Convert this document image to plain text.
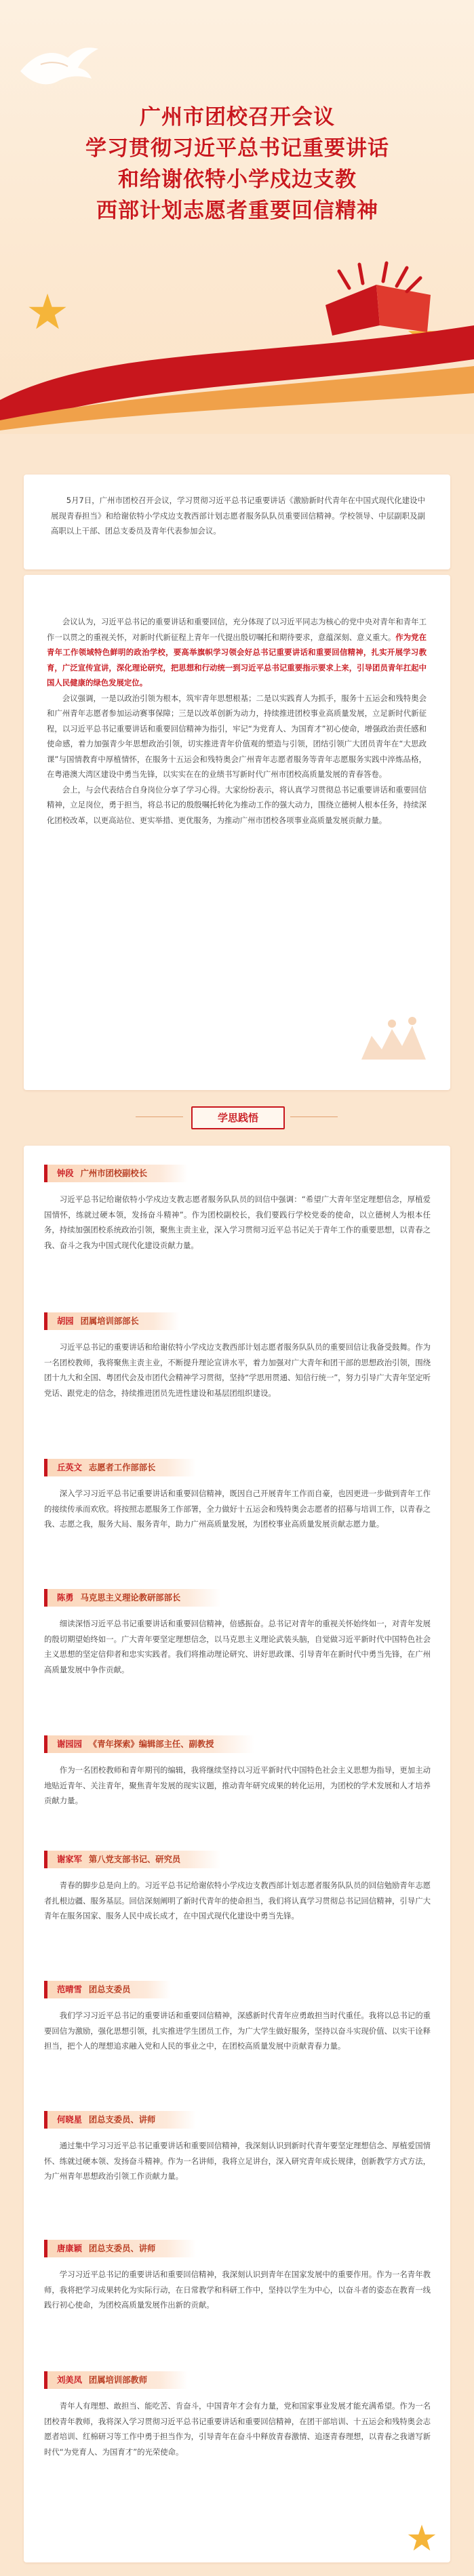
广州市团校召开会议
学习贯彻习近平总书记重要讲话
和给谢依特小学戍边支教
西部计划志愿者重要回信精神

5月7日，广州市团校召开会议，学习贯彻习近平总书记重要讲话《激励新时代青年在中国式现代化建设中展现青春担当》和给谢依特小学戍边支教西部计划志愿者服务队队员重要回信精神。学校领导、中层副职及副高职以上干部、团总支委员及青年代表参加会议。

会议认为，习近平总书记的重要讲话和重要回信，充分体现了以习近平同志为核心的党中央对青年和青年工作一以贯之的重视关怀，对新时代新征程上青年一代提出殷切嘱托和期待要求，意蕴深刻、意义重大。作为党在青年工作领域特色鲜明的政治学校，要高举旗帜学习领会好总书记重要讲话和重要回信精神，扎实开展学习教育，广泛宣传宣讲，深化理论研究，把思想和行动统一到习近平总书记重要指示要求上来，引导团员青年扛起中国人民健康的绿色发展定位。

会议强调，一是以政治引领为根本，筑牢青年思想根基；二是以实践育人为抓手，服务十五运会和残特奥会和广州青年志愿者参加运动赛事保障；三是以改革创新为动力，持续推进团校事业高质量发展，立足新时代新征程，以习近平总书记重要讲话和重要回信精神为指引，牢记“为党育人、为国育才”初心使命，增强政治责任感和使命感，着力加强青少年思想政治引领，切实推进青年价值观的塑造与引领，团结引领广大团员青年在“大思政课”与国情教育中厚植情怀，在服务十五运会和残特奥会广州青年志愿者服务等青年志愿服务实践中淬炼品格，在粤港澳大湾区建设中勇当先锋，以实实在在的业绩书写新时代广州市团校高质量发展的青春答卷。

会上，与会代表结合自身岗位分享了学习心得。大家纷纷表示，将认真学习贯彻总书记重要讲话和重要回信精神，立足岗位，勇于担当，将总书记的殷殷嘱托转化为推动工作的强大动力，围绕立德树人根本任务，持续深化团校改革，以更高站位、更实举措、更优服务，为推动广州市团校各项事业高质量发展贡献力量。

学思践悟
钟段 广州市团校副校长

习近平总书记给谢依特小学戍边支教志愿者服务队队员的回信中强调：“希望广大青年坚定理想信念，厚植爱国情怀，练就过硬本领，发扬奋斗精神”。作为团校副校长，我们要践行学校党委的使命，以立德树人为根本任务，持续加强团校系统政治引领，聚焦主责主业，深入学习贯彻习近平总书记关于青年工作的重要思想，以青春之我、奋斗之我为中国式现代化建设贡献力量。

胡园 团属培训部部长

习近平总书记的重要讲话和给谢依特小学戍边支教西部计划志愿者服务队队员的重要回信让我备受鼓舞。作为一名团校教师，我将聚焦主责主业，不断提升理论宣讲水平，着力加强对广大青年和团干部的思想政治引领，围绕团十九大和全国、粤团代会及市团代会精神学习贯彻，坚持“学思用贯通、知信行统一”，努力引导广大青年坚定听党话、跟党走的信念，持续推进团员先进性建设和基层团组织建设。

丘英文 志愿者工作部部长

深入学习习近平总书记重要讲话和重要回信精神，既因自己开展青年工作而自豪，也因更进一步做到青年工作的接续传承而欢欣。将按照志愿服务工作部署，全力做好十五运会和残特奥会志愿者的招募与培训工作，以青春之我、志愿之我，服务大局、服务青年，助力广州高质量发展，为团校事业高质量发展贡献志愿力量。

陈勇 马克思主义理论教研部部长

细读深悟习近平总书记重要讲话和重要回信精神，倍感振奋。总书记对青年的重视关怀始终如一，对青年发展的殷切期望始终如一。广大青年要坚定理想信念，以马克思主义理论武装头脑，自觉做习近平新时代中国特色社会主义思想的坚定信仰者和忠实实践者。我们将推动理论研究、讲好思政课、引导青年在新时代中勇当先锋，在广州高质量发展中争作贡献。

谢园园 《青年探索》编辑部主任、副教授

作为一名团校教师和青年期刊的编辑，我将继续坚持以习近平新时代中国特色社会主义思想为指导，更加主动地贴近青年、关注青年，聚焦青年发展的现实议题，推动青年研究成果的转化运用，为团校的学术发展和人才培养贡献力量。

谢家军 第八党支部书记、研究员

青春的脚步总是向上的。习近平总书记给谢依特小学戍边支教西部计划志愿者服务队队员的回信勉励青年志愿者扎根边疆、服务基层。回信深刻阐明了新时代青年的使命担当，我们将认真学习贯彻总书记回信精神，引导广大青年在服务国家、服务人民中成长成才，在中国式现代化建设中勇当先锋。

范晴雪 团总支委员

我们学习习近平总书记的重要讲话和重要回信精神，深感新时代青年应勇敢担当时代重任。我将以总书记的重要回信为激励，强化思想引领，扎实推进学生团员工作，为广大学生做好服务，坚持以奋斗实现价值、以实干诠释担当，把个人的理想追求融入党和人民的事业之中，在团校高质量发展中贡献青春力量。

何晓星 团总支委员、讲师

通过集中学习习近平总书记重要讲话和重要回信精神，我深刻认识到新时代青年要坚定理想信念、厚植爱国情怀、练就过硬本领、发扬奋斗精神。作为一名讲师，我将立足讲台，深入研究青年成长规律，创新教学方式方法，为广州青年思想政治引领工作贡献力量。

唐康颖 团总支委员、讲师

学习习近平总书记的重要讲话和重要回信精神，我深刻认识到青年在国家发展中的重要作用。作为一名青年教师，我将把学习成果转化为实际行动，在日常教学和科研工作中，坚持以学生为中心，以奋斗者的姿态在教育一线践行初心使命，为团校高质量发展作出新的贡献。

刘美凤 团属培训部教师

青年人有理想、敢担当、能吃苦、肯奋斗，中国青年才会有力量，党和国家事业发展才能充满希望。作为一名团校青年教师，我将深入学习贯彻习近平总书记重要讲话和重要回信精神，在团干部培训、十五运会和残特奥会志愿者培训、红棉研习等工作中勇于担当作为，引导青年在奋斗中释放青春激情、追逐青春理想，以青春之我谱写新时代“为党育人、为国育才”的光荣使命。
